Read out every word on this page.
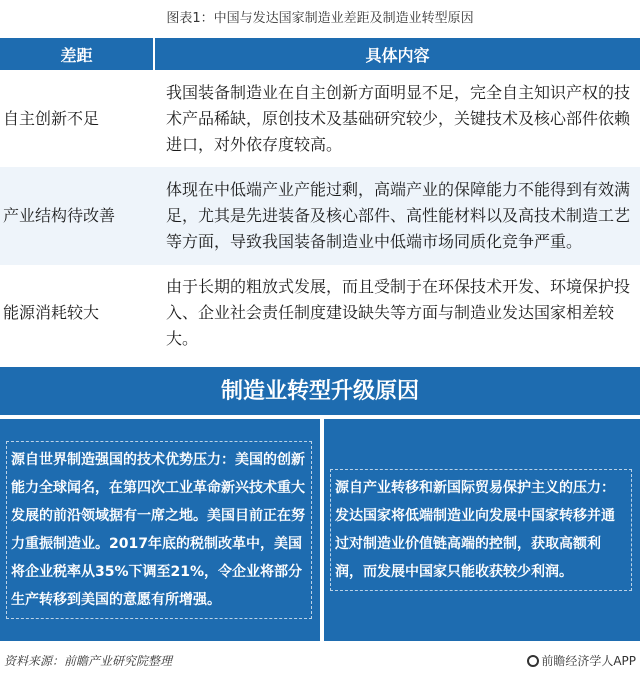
图表1：中国与发达国家制造业差距及制造业转型原因
差距	具体内容
自主创新不足	我国装备制造业在自主创新方面明显不足，完全自主知识产权的技术产品稀缺，原创技术及基础研究较少，关键技术及核心部件依赖进口，对外依存度较高。
产业结构待改善	体现在中低端产业产能过剩，高端产业的保障能力不能得到有效满足，尤其是先进装备及核心部件、高性能材料以及高技术制造工艺等方面，导致我国装备制造业中低端市场同质化竞争严重。
能源消耗较大	由于长期的粗放式发展，而且受制于在环保技术开发、环境保护投入、企业社会责任制度建设缺失等方面与制造业发达国家相差较大。
制造业转型升级原因
源自世界制造强国的技术优势压力：美国的创新能力全球闻名，在第四次工业革命新兴技术重大发展的前沿领域据有一席之地。美国目前正在努力重振制造业。2017年底的税制改革中，美国将企业税率从35%下调至21%，令企业将部分生产转移到美国的意愿有所增强。
源自产业转移和新国际贸易保护主义的压力：发达国家将低端制造业向发展中国家转移并通过对制造业价值链高端的控制，获取高额利润，而发展中国家只能收获较少利润。
资料来源：前瞻产业研究院整理	前瞻经济学人APP
